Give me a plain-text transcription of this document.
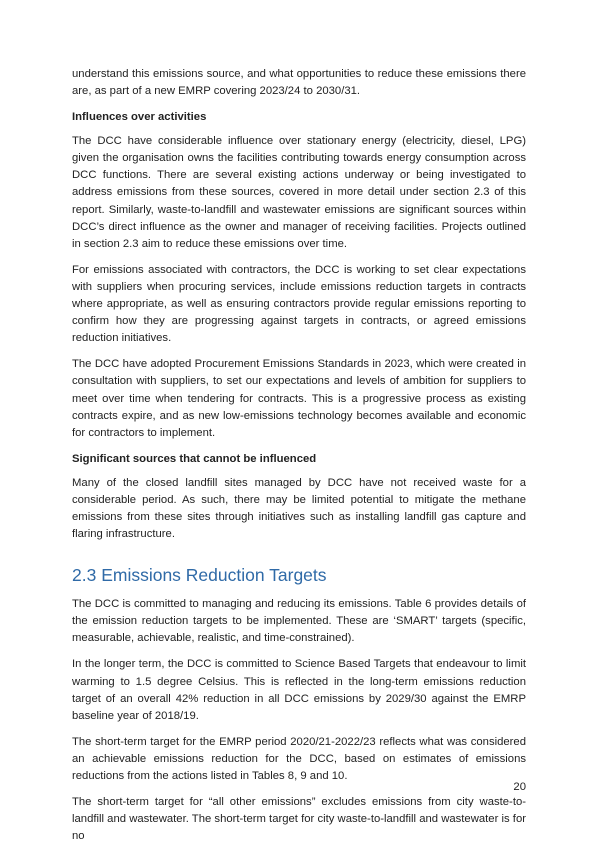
understand this emissions source, and what opportunities to reduce these emissions there are, as part of a new EMRP covering 2023/24 to 2030/31.

Influences over activities

The DCC have considerable influence over stationary energy (electricity, diesel, LPG) given the organisation owns the facilities contributing towards energy consumption across DCC functions. There are several existing actions underway or being investigated to address emissions from these sources, covered in more detail under section 2.3 of this report. Similarly, waste-to-landfill and wastewater emissions are significant sources within DCC’s direct influence as the owner and manager of receiving facilities. Projects outlined in section 2.3 aim to reduce these emissions over time.

For emissions associated with contractors, the DCC is working to set clear expectations with suppliers when procuring services, include emissions reduction targets in contracts where appropriate, as well as ensuring contractors provide regular emissions reporting to confirm how they are progressing against targets in contracts, or agreed emissions reduction initiatives.

The DCC have adopted Procurement Emissions Standards in 2023, which were created in consultation with suppliers, to set our expectations and levels of ambition for suppliers to meet over time when tendering for contracts. This is a progressive process as existing contracts expire, and as new low-emissions technology becomes available and economic for contractors to implement.

Significant sources that cannot be influenced

Many of the closed landfill sites managed by DCC have not received waste for a considerable period. As such, there may be limited potential to mitigate the methane emissions from these sites through initiatives such as installing landfill gas capture and flaring infrastructure.

2.3 Emissions Reduction Targets

The DCC is committed to managing and reducing its emissions. Table 6 provides details of the emission reduction targets to be implemented. These are ‘SMART’ targets (specific, measurable, achievable, realistic, and time-constrained).

In the longer term, the DCC is committed to Science Based Targets that endeavour to limit warming to 1.5 degree Celsius. This is reflected in the long-term emissions reduction target of an overall 42% reduction in all DCC emissions by 2029/30 against the EMRP baseline year of 2018/19.

The short-term target for the EMRP period 2020/21-2022/23 reflects what was considered an achievable emissions reduction for the DCC, based on estimates of emissions reductions from the actions listed in Tables 8, 9 and 10.

The short-term target for “all other emissions” excludes emissions from city waste-to-landfill and wastewater. The short-term target for city waste-to-landfill and wastewater is for no

20
